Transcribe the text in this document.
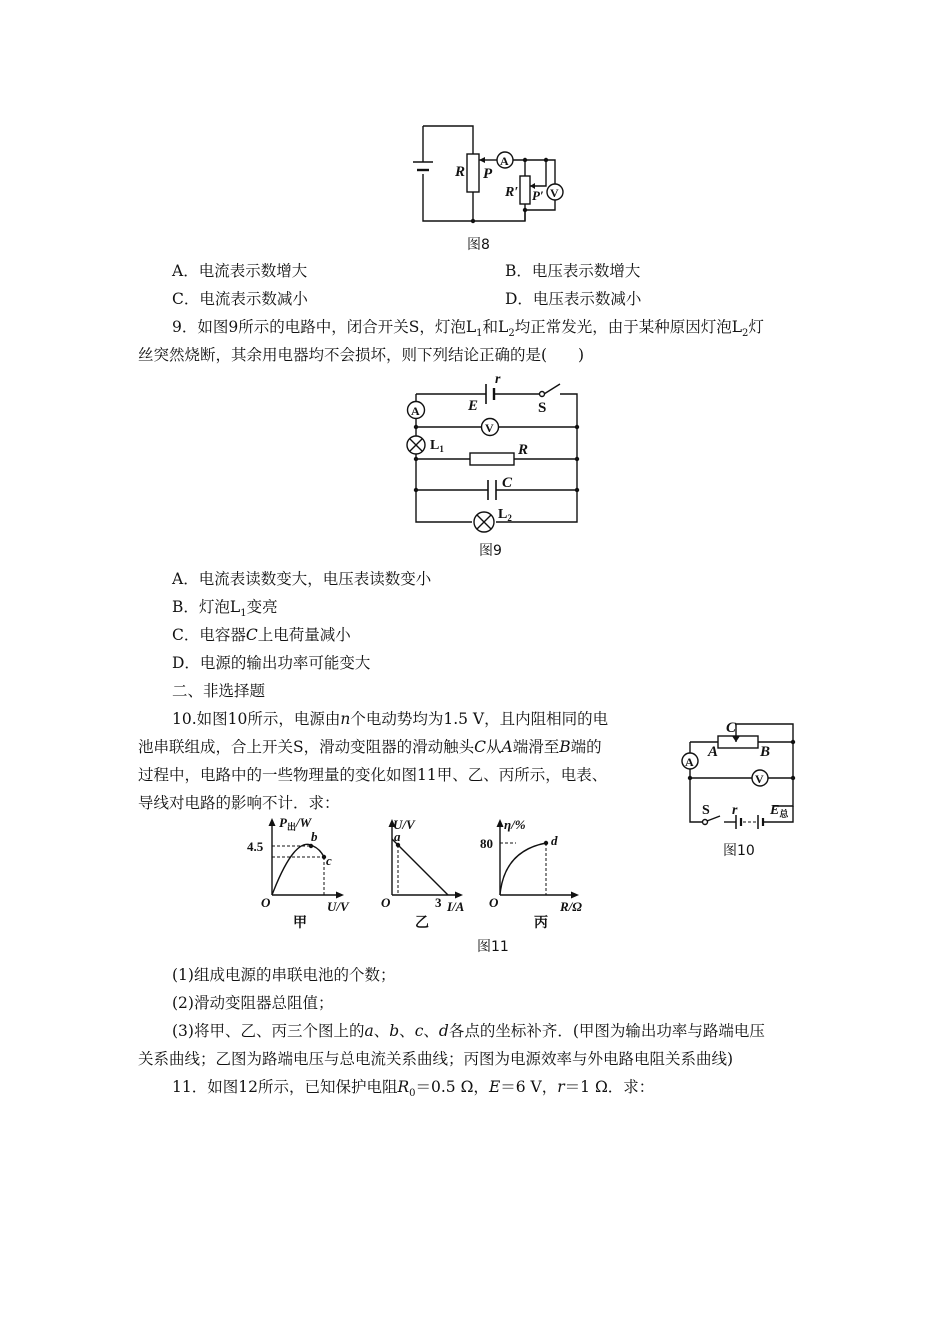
A
V
R P
R′ P′
图8
A．电流表示数增大	B．电压表示数增大
C．电流表示数减小	D．电压表示数减小
9．如图9所示的电路中，闭合开关S，灯泡$L_1$和$L_2$均正常发光，由于某种原因灯泡$L_2$灯
丝突然烧断，其余用电器均不会损坏，则下列结论正确的是(　　)
A
V
r
E	S
$L_1$	R
C
$L_2$
图9
A．电流表读数变大，电压表读数变小
B．灯泡$L_1$变亮
C．电容器C上电荷量减小
D．电源的输出功率可能变大
二、非选择题
10.如图10所示，电源由n个电动势均为1.5 V，且内阻相同的电
池串联组成，合上开关S，滑动变阻器的滑动触头C从A端滑至B端的
过程中，电路中的一些物理量的变化如图11甲、乙、丙所示，电表、
导线对电路的影响不计．求：
A
V
C
A	B
S r $E_总$
图10
$P_出/W$
4.5
b
c
O	U/V
甲
U/V
a
O	3 I/A
乙
η/%
80	d
O	R/Ω
丙
图11
(1)组成电源的串联电池的个数；
(2)滑动变阻器总阻值；
(3)将甲、乙、丙三个图上的a、b、c、d各点的坐标补齐．(甲图为输出功率与路端电压
关系曲线；乙图为路端电压与总电流关系曲线；丙图为电源效率与外电路电阻关系曲线)
11．如图12所示，已知保护电阻$R_0=0.5$ Ω，E＝6 V，r＝1 Ω．求：
